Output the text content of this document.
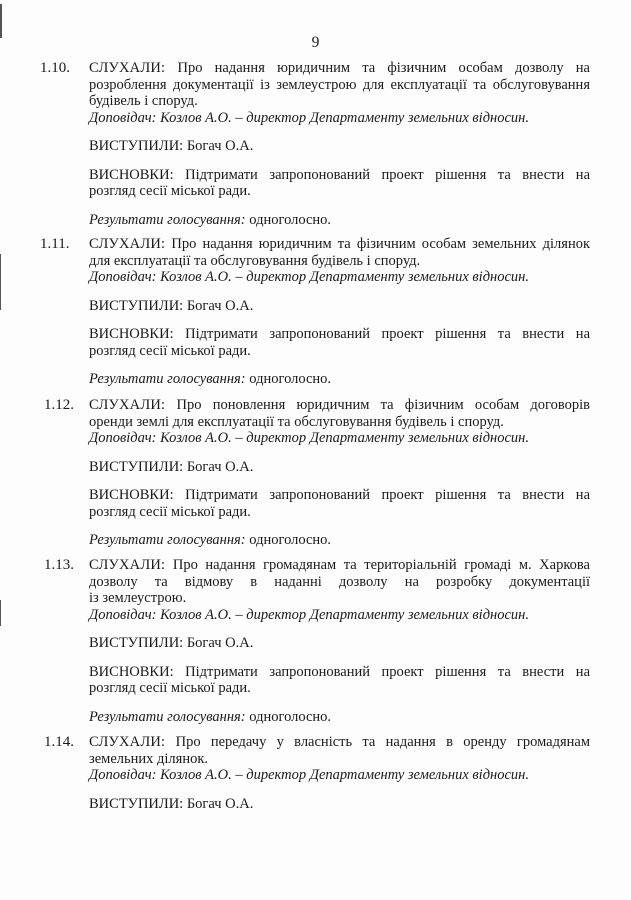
9
1.10. СЛУХАЛИ: Про надання юридичним та фізичним особам дозволу на
розроблення документації із землеустрою для експлуатації та обслуговування
будівель і споруд.
Доповідач: Козлов А.О. – директор Департаменту земельних відносин.
ВИСТУПИЛИ: Богач О.А.
ВИСНОВКИ: Підтримати запропонований проект рішення та внести на
розгляд сесії міської ради.
Результати голосування: одноголосно.
1.11. СЛУХАЛИ: Про надання юридичним та фізичним особам земельних ділянок
для експлуатації та обслуговування будівель і споруд.
Доповідач: Козлов А.О. – директор Департаменту земельних відносин.
ВИСТУПИЛИ: Богач О.А.
ВИСНОВКИ: Підтримати запропонований проект рішення та внести на
розгляд сесії міської ради.
Результати голосування: одноголосно.
1.12. СЛУХАЛИ: Про поновлення юридичним та фізичним особам договорів
оренди землі для експлуатації та обслуговування будівель і споруд.
Доповідач: Козлов А.О. – директор Департаменту земельних відносин.
ВИСТУПИЛИ: Богач О.А.
ВИСНОВКИ: Підтримати запропонований проект рішення та внести на
розгляд сесії міської ради.
Результати голосування: одноголосно.
1.13. СЛУХАЛИ: Про надання громадянам та територіальній громаді м. Харкова
дозволу та відмову в наданні дозволу на розробку документації
із землеустрою.
Доповідач: Козлов А.О. – директор Департаменту земельних відносин.
ВИСТУПИЛИ: Богач О.А.
ВИСНОВКИ: Підтримати запропонований проект рішення та внести на
розгляд сесії міської ради.
Результати голосування: одноголосно.
1.14. СЛУХАЛИ: Про передачу у власність та надання в оренду громадянам
земельних ділянок.
Доповідач: Козлов А.О. – директор Департаменту земельних відносин.
ВИСТУПИЛИ: Богач О.А.
